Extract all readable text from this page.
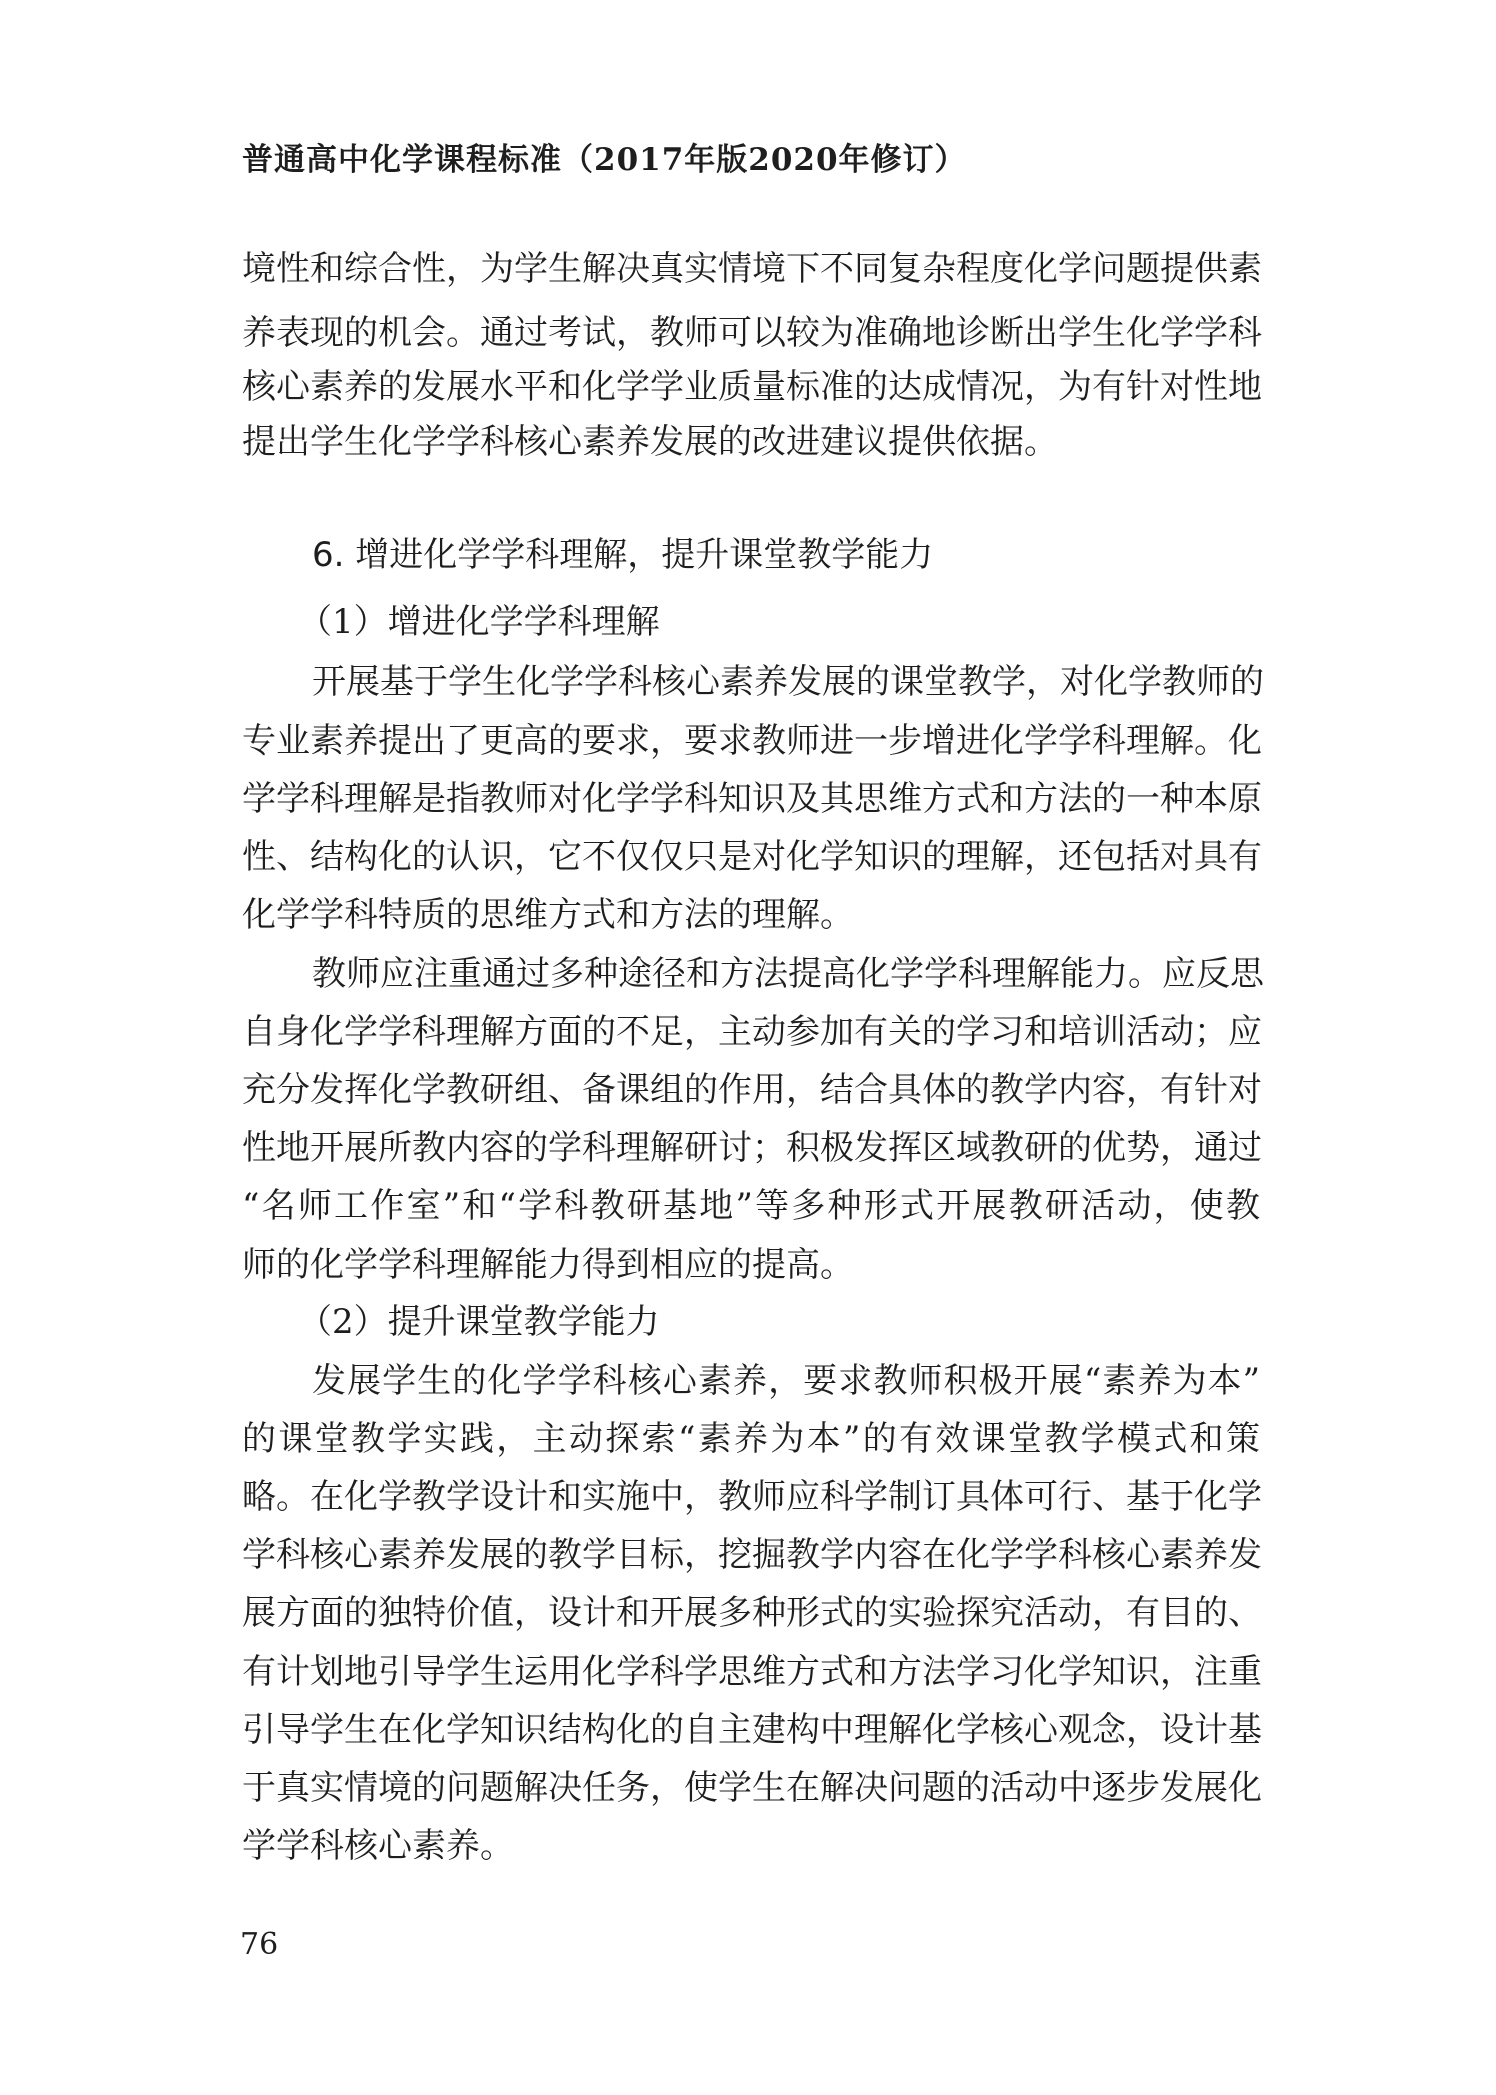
普通高中化学课程标准（2017年版2020年修订）
境性和综合性，为学生解决真实情境下不同复杂程度化学问题提供素
养表现的机会。通过考试，教师可以较为准确地诊断出学生化学学科
核心素养的发展水平和化学学业质量标准的达成情况，为有针对性地
提出学生化学学科核心素养发展的改进建议提供依据。
6. 增进化学学科理解，提升课堂教学能力
（1）增进化学学科理解
开展基于学生化学学科核心素养发展的课堂教学，对化学教师的
专业素养提出了更高的要求，要求教师进一步增进化学学科理解。化
学学科理解是指教师对化学学科知识及其思维方式和方法的一种本原
性、结构化的认识，它不仅仅只是对化学知识的理解，还包括对具有
化学学科特质的思维方式和方法的理解。
教师应注重通过多种途径和方法提高化学学科理解能力。应反思
自身化学学科理解方面的不足，主动参加有关的学习和培训活动；应
充分发挥化学教研组、备课组的作用，结合具体的教学内容，有针对
性地开展所教内容的学科理解研讨；积极发挥区域教研的优势，通过
“名师工作室”和“学科教研基地”等多种形式开展教研活动，使教
师的化学学科理解能力得到相应的提高。
（2）提升课堂教学能力
发展学生的化学学科核心素养，要求教师积极开展“素养为本”
的课堂教学实践，主动探索“素养为本”的有效课堂教学模式和策
略。在化学教学设计和实施中，教师应科学制订具体可行、基于化学
学科核心素养发展的教学目标，挖掘教学内容在化学学科核心素养发
展方面的独特价值，设计和开展多种形式的实验探究活动，有目的、
有计划地引导学生运用化学科学思维方式和方法学习化学知识，注重
引导学生在化学知识结构化的自主建构中理解化学核心观念，设计基
于真实情境的问题解决任务，使学生在解决问题的活动中逐步发展化
学学科核心素养。
76
